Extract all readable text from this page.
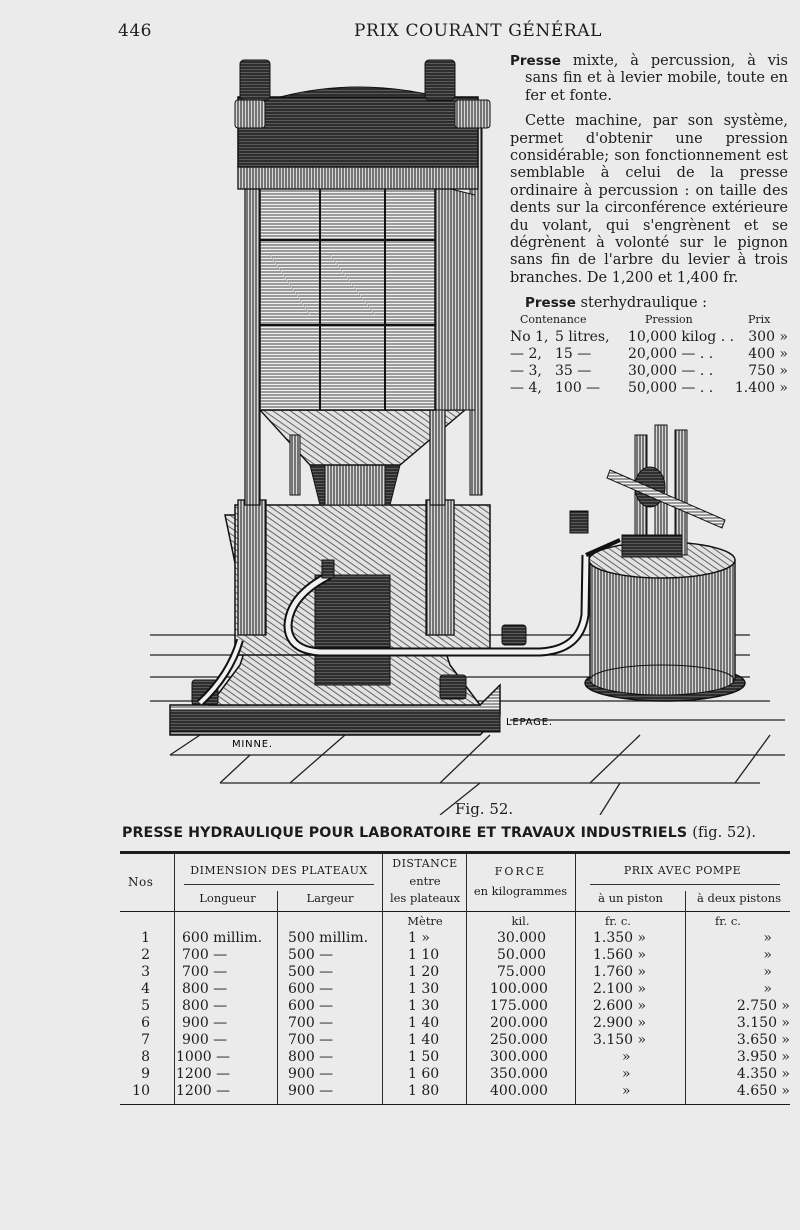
446	PRIX COURANT GÉNÉRAL
MINNE.
LEPAGE.

Presse mixte, à percussion, à vis sans fin et à levier mobile, toute en fer et fonte.

Cette machine, par son système, permet d'obtenir une pression considérable; son fonctionnement est semblable à celui de la presse ordinaire à percussion : on taille des dents sur la circonférence extérieure du volant, qui s'engrènent et se dégrènent à volonté sur le pignon sans fin de l'arbre du levier à trois branches. De 1,200 et 1,400 fr.

Presse sterhydraulique :
Contenance	Pression	Prix
No 1, 5 litres, 10,000 kilog . . 300 »
— 2, 15 —	20,000 — . .	400 »
— 3, 35 —	30,000 — . .	750 »
— 4, 100 — 50,000 — . . 1.400 »
Fig. 52.
PRESSE HYDRAULIQUE POUR LABORATOIRE ET TRAVAUX INDUSTRIELS (fig. 52).
Nos
DIMENSION DES PLATEAUX
Longueur	Largeur
DISTANCE
entre
les plateaux
FORCE
en kilogrammes
PRIX AVEC POMPE
à un piston	à deux pistons
Mètre	kil.	fr. c.	fr. c.
1 600 millim. 500 millim.	1 »	30.000	1.350 »	»
2 700 —	500 —	1 10	50.000	1.560 »	»
3 700 —	500 —	1 20	75.000	1.760 »	»
4 800 —	600 —	1 30	100.000	2.100 »	»
5 800 —	600 —	1 30	175.000	2.600 »	2.750 »
6 900 —	700 —	1 40	200.000	2.900 »	3.150 »
7 900 —	700 —	1 40	250.000	3.150 »	3.650 »
8 1000 —	800 —	1 50	300.000	»	3.950 »
9 1200 —	900 —	1 60	350.000	»	4.350 »
10 1200 —	900 —	1 80	400.000	»	4.650 »
